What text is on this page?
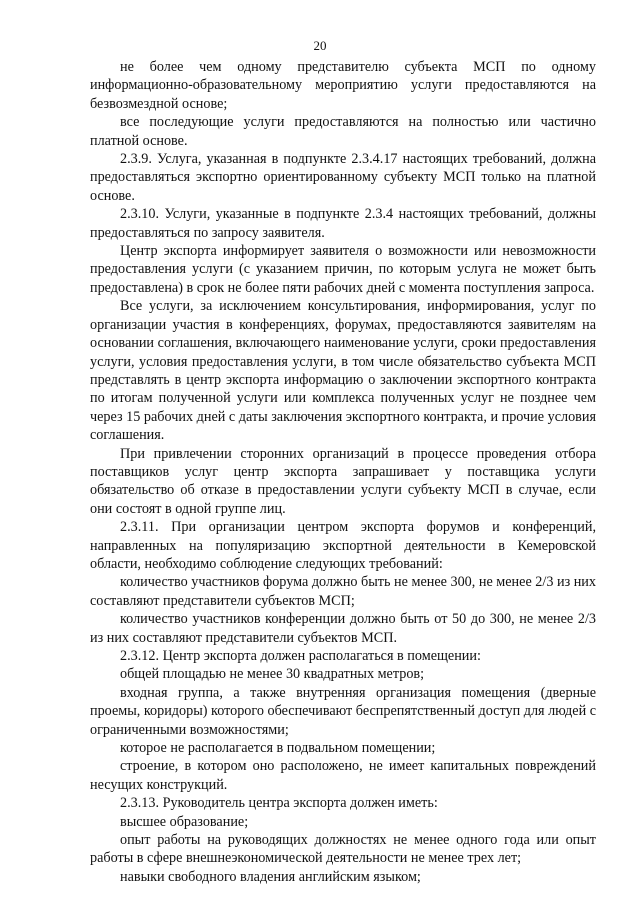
20

не более чем одному представителю субъекта МСП по одному информационно-образовательному мероприятию услуги предоставляются на безвозмездной основе;

все последующие услуги предоставляются на полностью или частично платной основе.

2.3.9. Услуга, указанная в подпункте 2.3.4.17 настоящих требований, должна предоставляться экспортно ориентированному субъекту МСП только на платной основе.

2.3.10. Услуги, указанные в подпункте 2.3.4 настоящих требований, должны предоставляться по запросу заявителя.

Центр экспорта информирует заявителя о возможности или невозможности предоставления услуги (с указанием причин, по которым услуга не может быть предоставлена) в срок не более пяти рабочих дней с момента поступления запроса.

Все услуги, за исключением консультирования, информирования, услуг по организации участия в конференциях, форумах, предоставляются заявителям на основании соглашения, включающего наименование услуги, сроки предоставления услуги, условия предоставления услуги, в том числе обязательство субъекта МСП представлять в центр экспорта информацию о заключении экспортного контракта по итогам полученной услуги или комплекса полученных услуг не позднее чем через 15 рабочих дней с даты заключения экспортного контракта, и прочие условия соглашения.

При привлечении сторонних организаций в процессе проведения отбора поставщиков услуг центр экспорта запрашивает у поставщика услуги обязательство об отказе в предоставлении услуги субъекту МСП в случае, если они состоят в одной группе лиц.

2.3.11. При организации центром экспорта форумов и конференций, направленных на популяризацию экспортной деятельности в Кемеровской области, необходимо соблюдение следующих требований:

количество участников форума должно быть не менее 300, не менее 2/3 из них составляют представители субъектов МСП;

количество участников конференции должно быть от 50 до 300, не менее 2/3 из них составляют представители субъектов МСП.

2.3.12. Центр экспорта должен располагаться в помещении:

общей площадью не менее 30 квадратных метров;

входная группа, а также внутренняя организация помещения (дверные проемы, коридоры) которого обеспечивают беспрепятственный доступ для людей с ограниченными возможностями;

которое не располагается в подвальном помещении;

строение, в котором оно расположено, не имеет капитальных повреждений несущих конструкций.

2.3.13. Руководитель центра экспорта должен иметь:

высшее образование;

опыт работы на руководящих должностях не менее одного года или опыт работы в сфере внешнеэкономической деятельности не менее трех лет;

навыки свободного владения английским языком;
